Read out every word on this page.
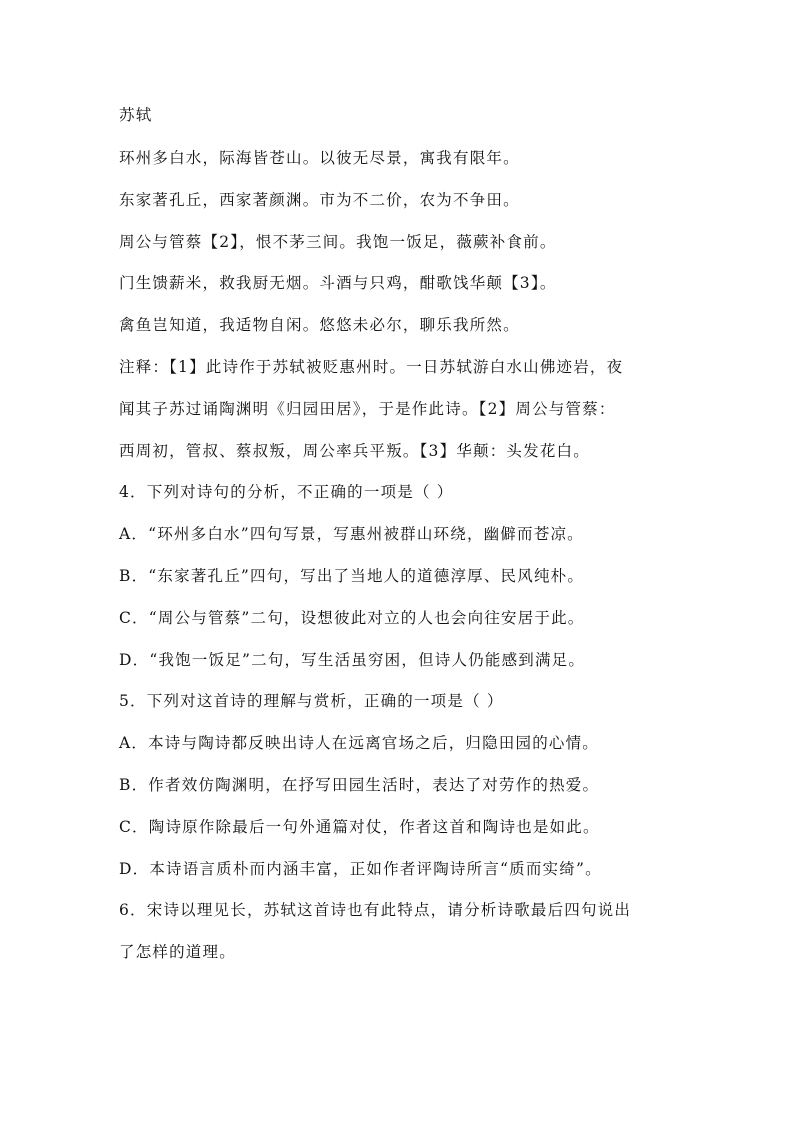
苏轼
环州多白水，际海皆苍山。以彼无尽景，寓我有限年。
东家著孔丘，西家著颜渊。市为不二价，农为不争田。
周公与管蔡【2】，恨不茅三间。我饱一饭足，薇蕨补食前。
门生馈薪米，救我厨无烟。斗酒与只鸡，酣歌饯华颠【3】。
禽鱼岂知道，我适物自闲。悠悠未必尔，聊乐我所然。
注释：【1】此诗作于苏轼被贬惠州时。一日苏轼游白水山佛迹岩，夜
闻其子苏过诵陶渊明《归园田居》，于是作此诗。【2】周公与管蔡：
西周初，管叔、蔡叔叛，周公率兵平叛。【3】华颠：头发花白。
4．下列对诗句的分析，不正确的一项是（ ）
A．“环州多白水”四句写景，写惠州被群山环绕，幽僻而苍凉。
B．“东家著孔丘”四句，写出了当地人的道德淳厚、民风纯朴。
C．“周公与管蔡”二句，设想彼此对立的人也会向往安居于此。
D．“我饱一饭足”二句，写生活虽穷困，但诗人仍能感到满足。
5．下列对这首诗的理解与赏析，正确的一项是（ ）
A．本诗与陶诗都反映出诗人在远离官场之后，归隐田园的心情。
B．作者效仿陶渊明，在抒写田园生活时，表达了对劳作的热爱。
C．陶诗原作除最后一句外通篇对仗，作者这首和陶诗也是如此。
D．本诗语言质朴而内涵丰富，正如作者评陶诗所言“质而实绮”。
6．宋诗以理见长，苏轼这首诗也有此特点，请分析诗歌最后四句说出
了怎样的道理。
